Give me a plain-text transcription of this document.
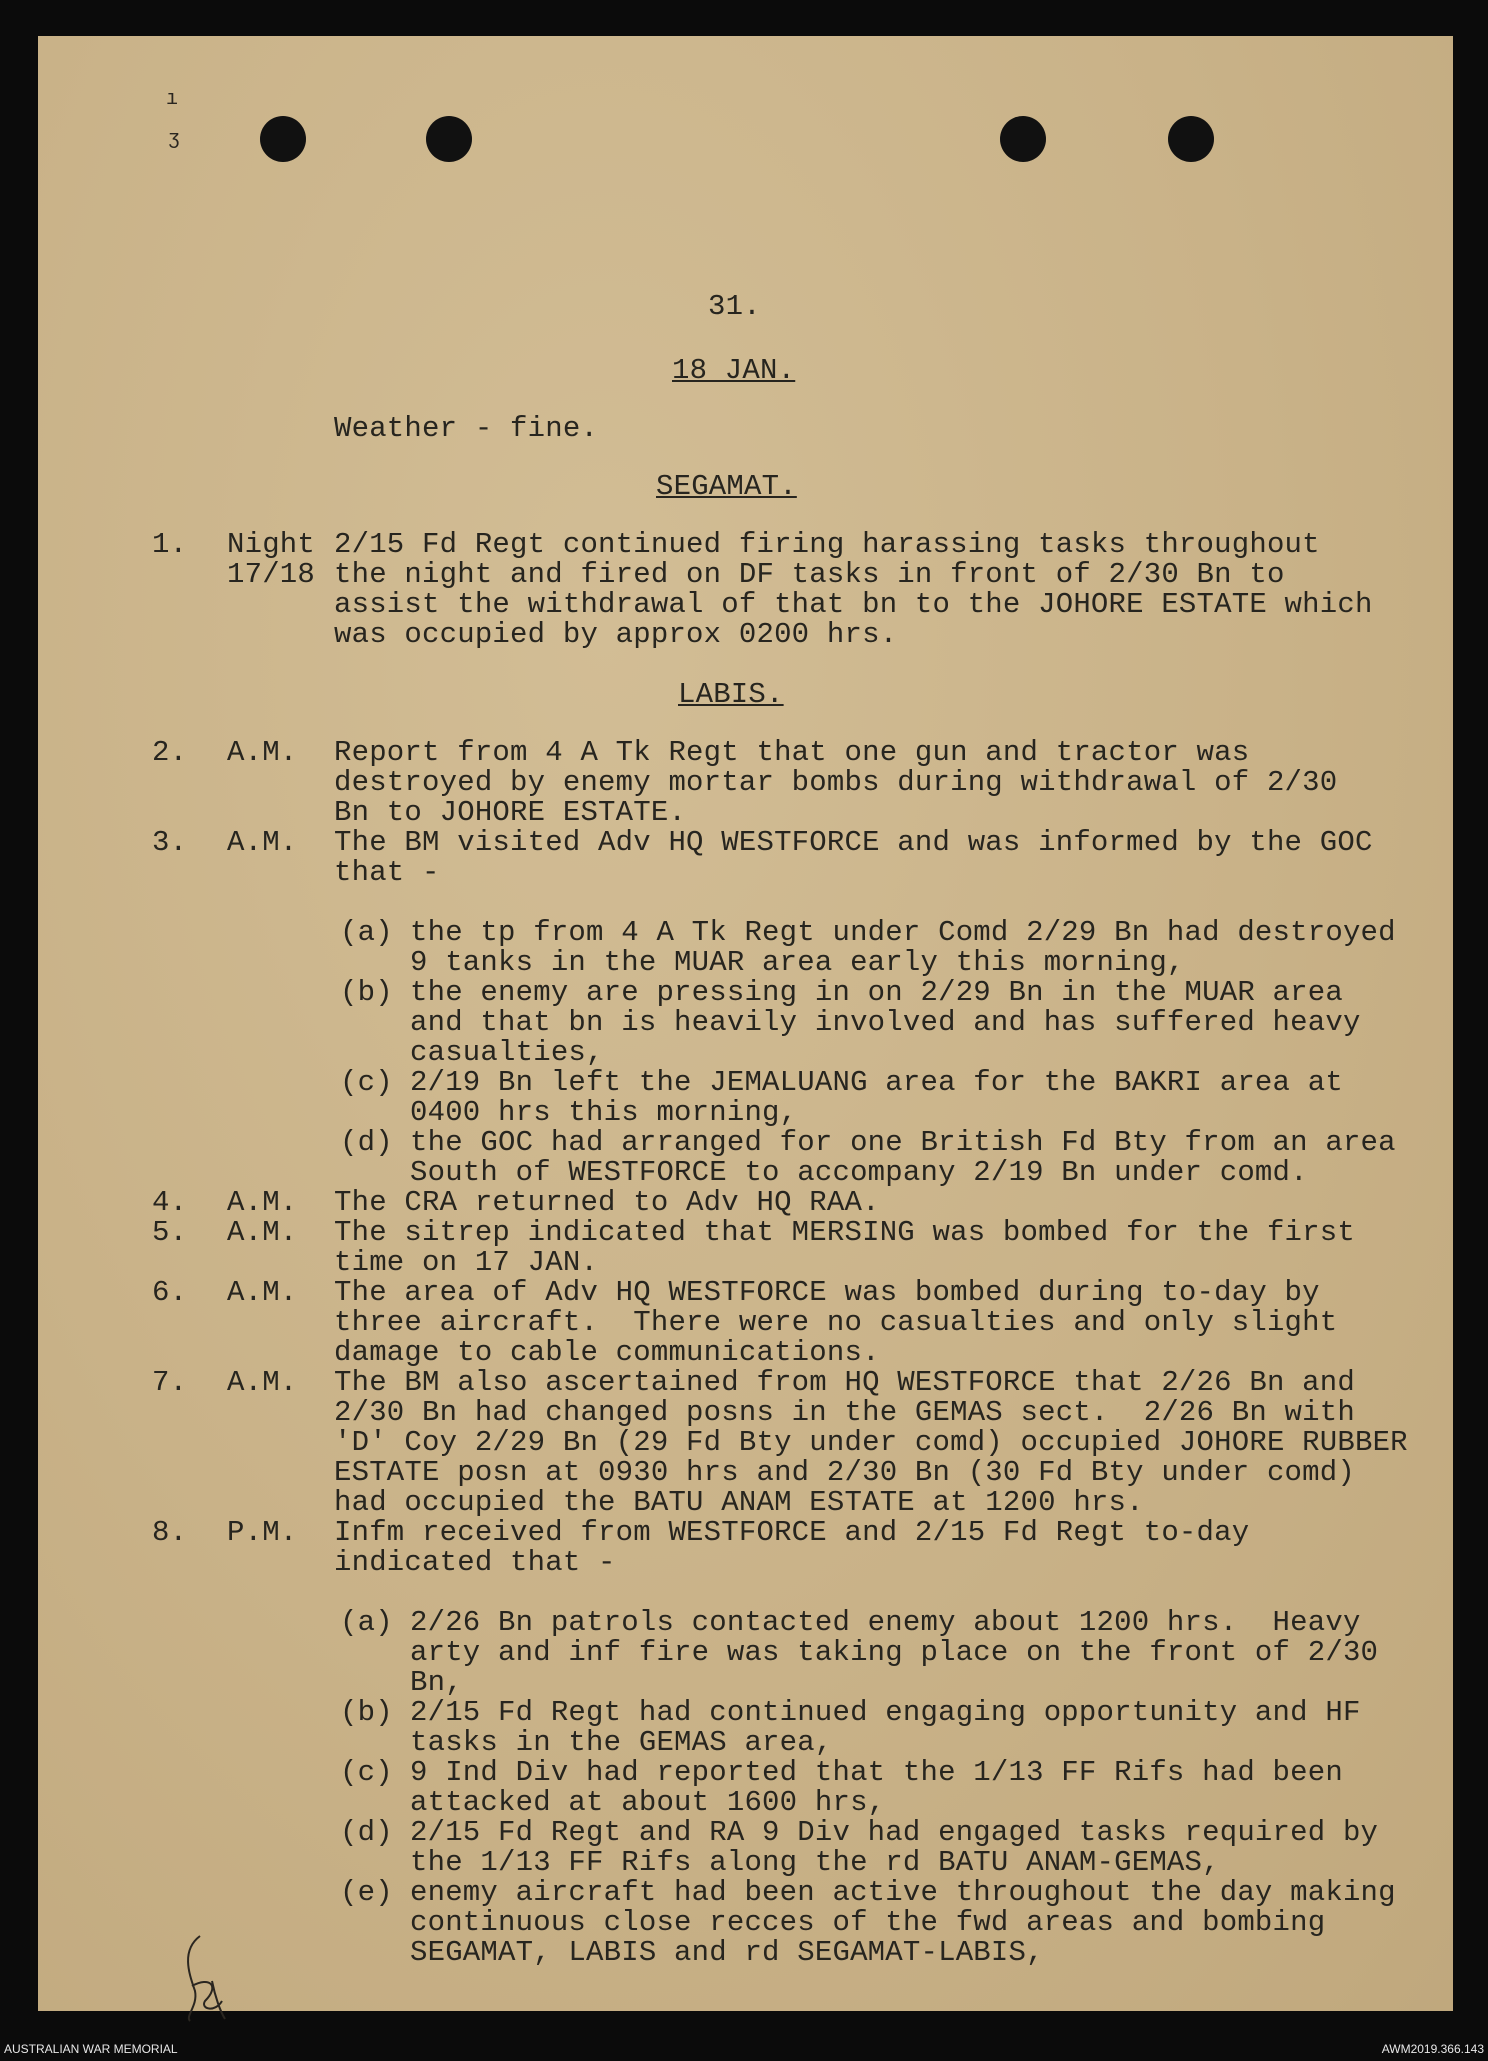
ı
ʒ
31.
18 JAN.
Weather - fine.
SEGAMAT.
1. Night 2/15 Fd Regt continued firing harassing tasks throughout
17/18 the night and fired on DF tasks in front of 2/30 Bn to
assist the withdrawal of that bn to the JOHORE ESTATE which
was occupied by approx 0200 hrs.
LABIS.
2. A.M. Report from 4 A Tk Regt that one gun and tractor was
destroyed by enemy mortar bombs during withdrawal of 2/30
Bn to JOHORE ESTATE.
3. A.M. The BM visited Adv HQ WESTFORCE and was informed by the GOC
that -
(a) the tp from 4 A Tk Regt under Comd 2/29 Bn had destroyed
9 tanks in the MUAR area early this morning,
(b) the enemy are pressing in on 2/29 Bn in the MUAR area
and that bn is heavily involved and has suffered heavy
casualties,
(c) 2/19 Bn left the JEMALUANG area for the BAKRI area at
0400 hrs this morning,
(d) the GOC had arranged for one British Fd Bty from an area
South of WESTFORCE to accompany 2/19 Bn under comd.
4. A.M. The CRA returned to Adv HQ RAA.
5. A.M. The sitrep indicated that MERSING was bombed for the first
time on 17 JAN.
6. A.M. The area of Adv HQ WESTFORCE was bombed during to-day by
three aircraft.  There were no casualties and only slight
damage to cable communications.
7. A.M. The BM also ascertained from HQ WESTFORCE that 2/26 Bn and
2/30 Bn had changed posns in the GEMAS sect.  2/26 Bn with
'D' Coy 2/29 Bn (29 Fd Bty under comd) occupied JOHORE RUBBER
ESTATE posn at 0930 hrs and 2/30 Bn (30 Fd Bty under comd)
had occupied the BATU ANAM ESTATE at 1200 hrs.
8. P.M. Infm received from WESTFORCE and 2/15 Fd Regt to-day
indicated that -
(a) 2/26 Bn patrols contacted enemy about 1200 hrs.  Heavy
arty and inf fire was taking place on the front of 2/30
Bn,
(b) 2/15 Fd Regt had continued engaging opportunity and HF
tasks in the GEMAS area,
(c) 9 Ind Div had reported that the 1/13 FF Rifs had been
attacked at about 1600 hrs,
(d) 2/15 Fd Regt and RA 9 Div had engaged tasks required by
the 1/13 FF Rifs along the rd BATU ANAM-GEMAS,
(e) enemy aircraft had been active throughout the day making
continuous close recces of the fwd areas and bombing
SEGAMAT, LABIS and rd SEGAMAT-LABIS,
AUSTRALIAN WAR MEMORIAL	AWM2019.366.143
